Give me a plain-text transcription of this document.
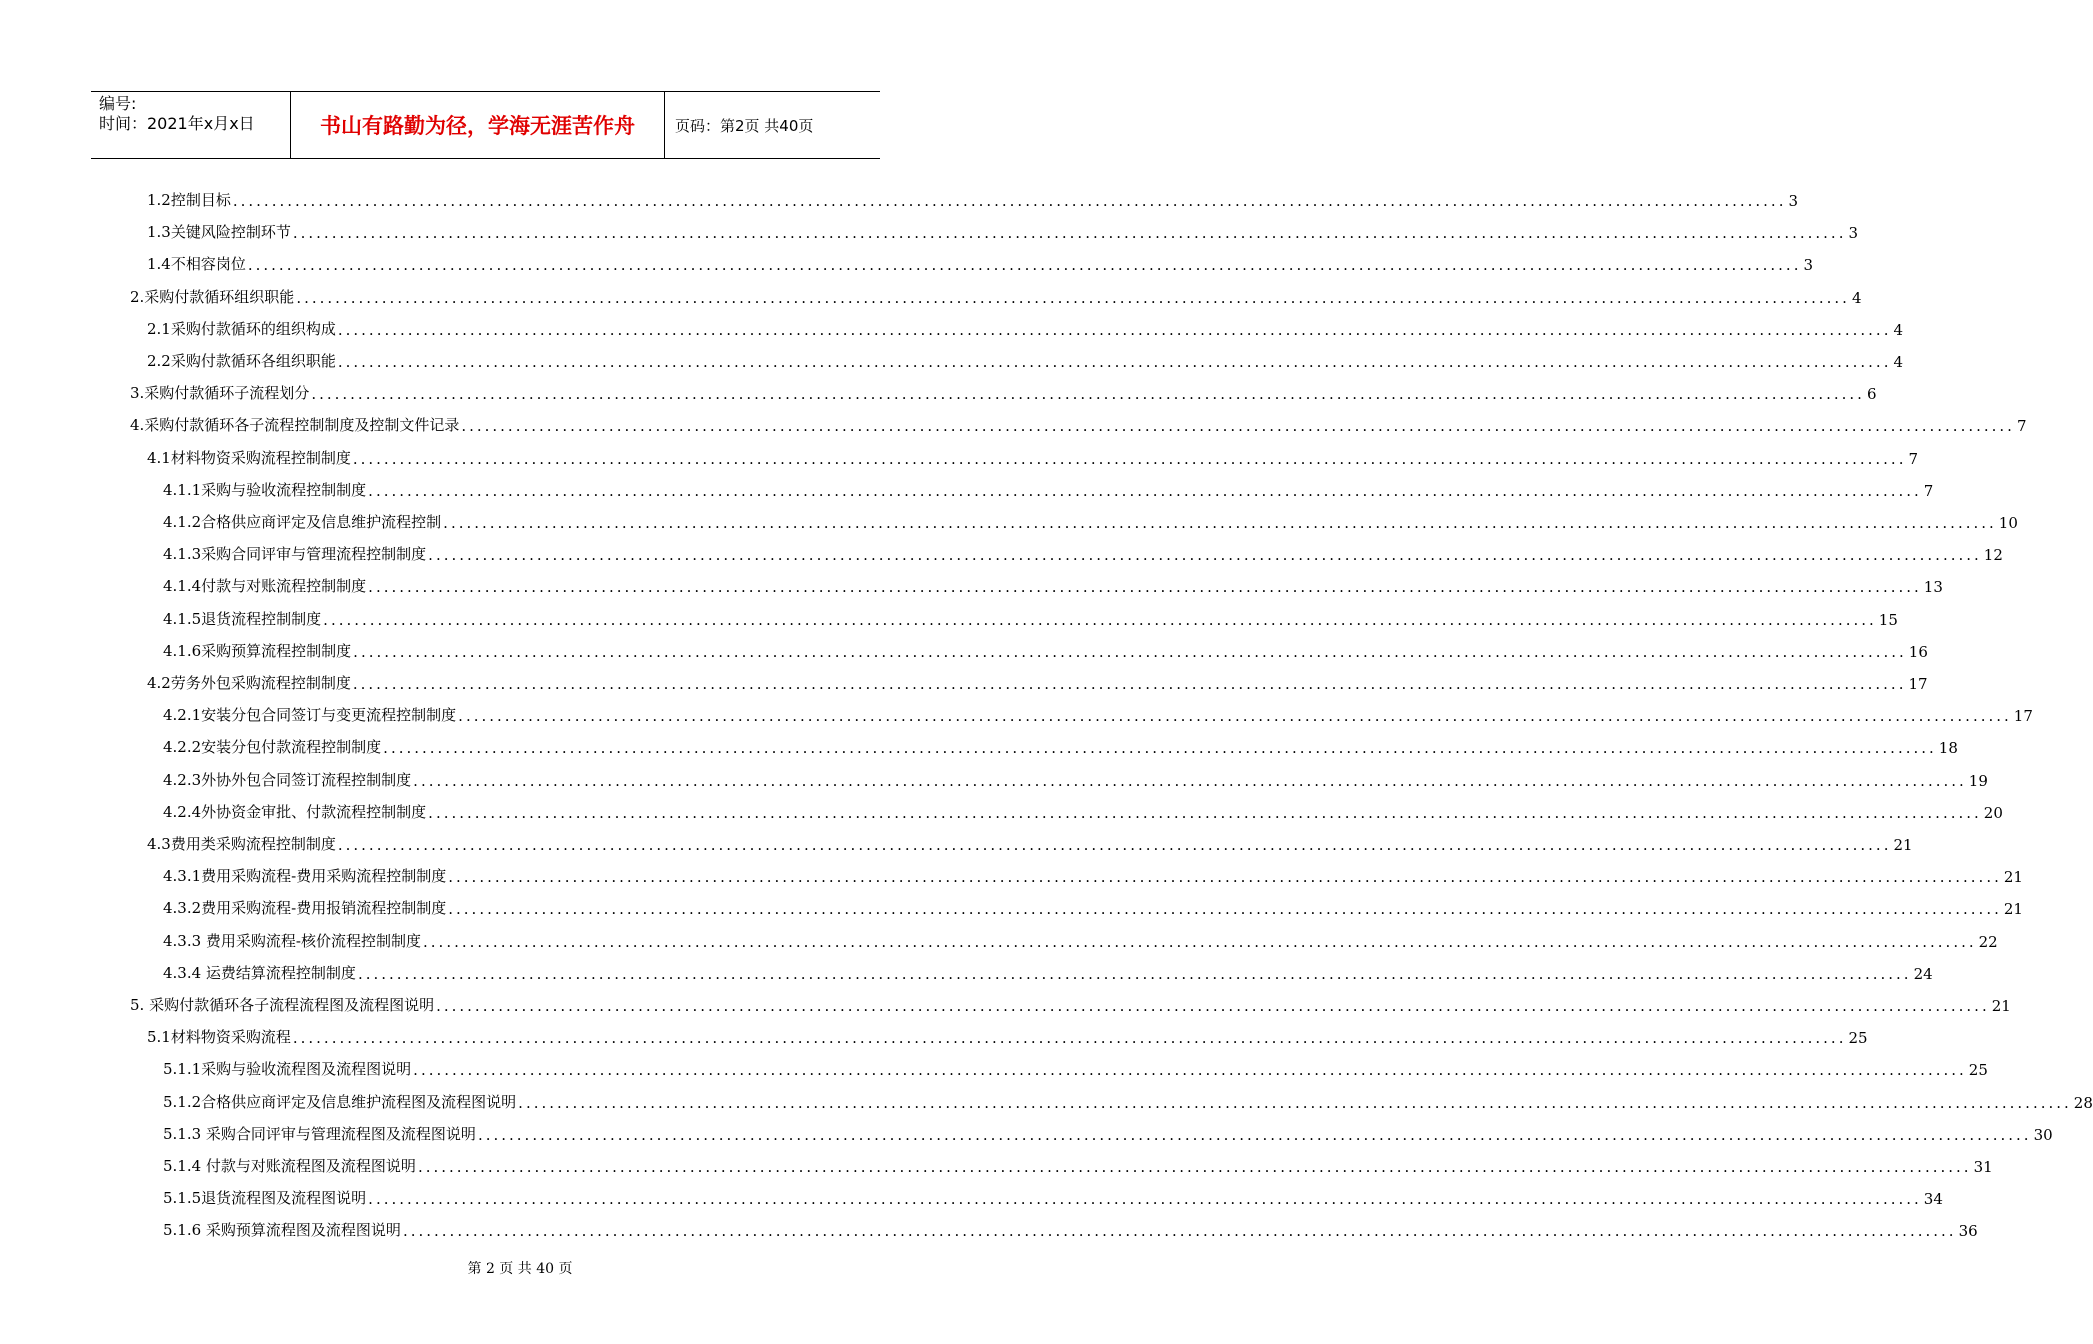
编号:
时间：2021年x月x日	书山有路勤为径，学海无涯苦作舟	页码：第2页 共40页
1.2控制目标 ........................................................................................................................................................................................................ 3
1.3关键风险控制环节 ........................................................................................................................................................................................................ 3
1.4不相容岗位 ........................................................................................................................................................................................................ 3
2.采购付款循环组织职能 ........................................................................................................................................................................................................ 4
2.1采购付款循环的组织构成 ........................................................................................................................................................................................................ 4
2.2采购付款循环各组织职能 ........................................................................................................................................................................................................ 4
3.采购付款循环子流程划分 ........................................................................................................................................................................................................ 6
4.采购付款循环各子流程控制制度及控制文件记录 ........................................................................................................................................................................................................ 7
4.1材料物资采购流程控制制度 ........................................................................................................................................................................................................ 7
4.1.1采购与验收流程控制制度 ........................................................................................................................................................................................................ 7
4.1.2合格供应商评定及信息维护流程控制 ........................................................................................................................................................................................................ 10
4.1.3采购合同评审与管理流程控制制度 ........................................................................................................................................................................................................ 12
4.1.4付款与对账流程控制制度 ........................................................................................................................................................................................................ 13
4.1.5退货流程控制制度 ........................................................................................................................................................................................................ 15
4.1.6采购预算流程控制制度 ........................................................................................................................................................................................................ 16
4.2劳务外包采购流程控制制度 ........................................................................................................................................................................................................ 17
4.2.1安装分包合同签订与变更流程控制制度 ........................................................................................................................................................................................................ 17
4.2.2安装分包付款流程控制制度 ........................................................................................................................................................................................................ 18
4.2.3外协外包合同签订流程控制制度 ........................................................................................................................................................................................................ 19
4.2.4外协资金审批、付款流程控制制度 ........................................................................................................................................................................................................ 20
4.3费用类采购流程控制制度 ........................................................................................................................................................................................................ 21
4.3.1费用采购流程-费用采购流程控制制度 ........................................................................................................................................................................................................ 21
4.3.2费用采购流程-费用报销流程控制制度 ........................................................................................................................................................................................................ 21
4.3.3 费用采购流程-核价流程控制制度 ........................................................................................................................................................................................................ 22
4.3.4 运费结算流程控制制度 ........................................................................................................................................................................................................ 24
5. 采购付款循环各子流程流程图及流程图说明 ........................................................................................................................................................................................................ 21
5.1材料物资采购流程 ........................................................................................................................................................................................................ 25
5.1.1采购与验收流程图及流程图说明 ........................................................................................................................................................................................................ 25
5.1.2合格供应商评定及信息维护流程图及流程图说明 ........................................................................................................................................................................................................ 28
5.1.3 采购合同评审与管理流程图及流程图说明 ........................................................................................................................................................................................................ 30
5.1.4 付款与对账流程图及流程图说明 ........................................................................................................................................................................................................ 31
5.1.5退货流程图及流程图说明 ........................................................................................................................................................................................................ 34
5.1.6 采购预算流程图及流程图说明 ........................................................................................................................................................................................................ 36
第 2 页 共 40 页
